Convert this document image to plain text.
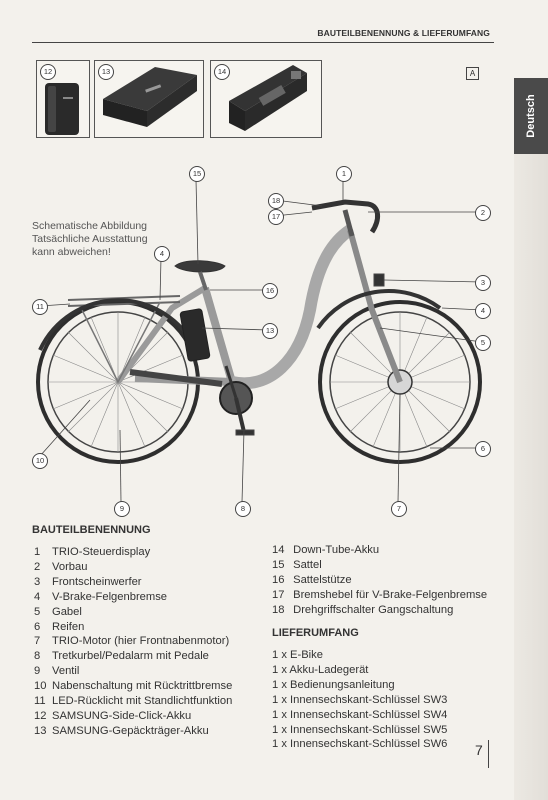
BAUTEILBENENNUNG & LIEFERUMFANG
Deutsch
12	13	14	A
Schematische Abbildung
Tatsächliche Ausstattung
kann abweichen!
1
2
3
4
5
6
7
8
9
10
11
13
15
16
17
18
4
BAUTEILBENENNUNG
1 TRIO-Steuerdisplay
2 Vorbau
3 Frontscheinwerfer
4 V-Brake-Felgenbremse
5 Gabel
6 Reifen
7 TRIO-Motor (hier Frontnabenmotor)
8 Tretkurbel/Pedalarm mit Pedale
9 Ventil
10 Nabenschaltung mit Rücktrittbremse
11 LED-Rücklicht mit Standlichtfunktion
12 SAMSUNG-Side-Click-Akku
13 SAMSUNG-Gepäckträger-Akku
14 Down-Tube-Akku
15 Sattel
16 Sattelstütze
17 Bremshebel für V-Brake-Felgenbremse
18 Drehgriffschalter Gangschaltung
LIEFERUMFANG
1 x E-Bike
1 x Akku-Ladegerät
1 x Bedienungsanleitung
1 x Innensechskant-Schlüssel SW3
1 x Innensechskant-Schlüssel SW4
1 x Innensechskant-Schlüssel SW5
1 x Innensechskant-Schlüssel SW6 7
